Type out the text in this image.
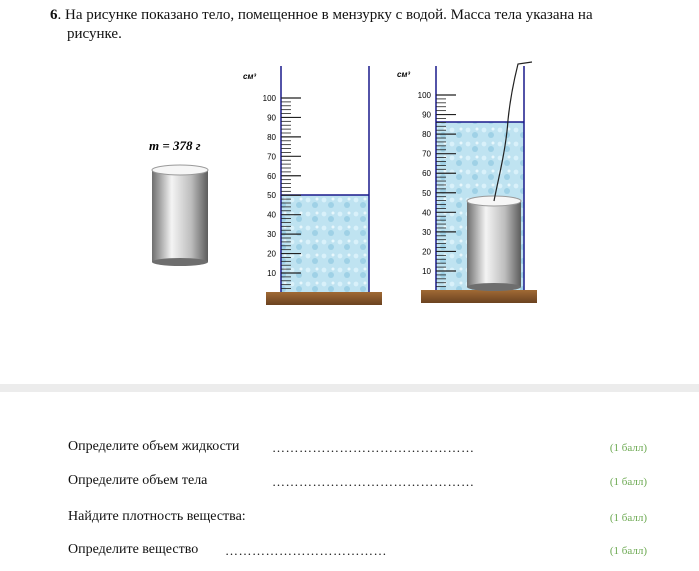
6. На рисунке показано тело, помещенное в мензурку с водой. Масса тела указана на
рисунке.
m = 378 г
100
90
80
70
60
50
40
30
20
10
см³
100
90
80
70
60
50
40
30
20
10
см³
Определите объем жидкости	………………………………………	(1 балл)
Определите объем тела	………………………………………	(1 балл)
Найдите плотность вещества:	(1 балл)
Определите вещество ………………………………	(1 балл)
